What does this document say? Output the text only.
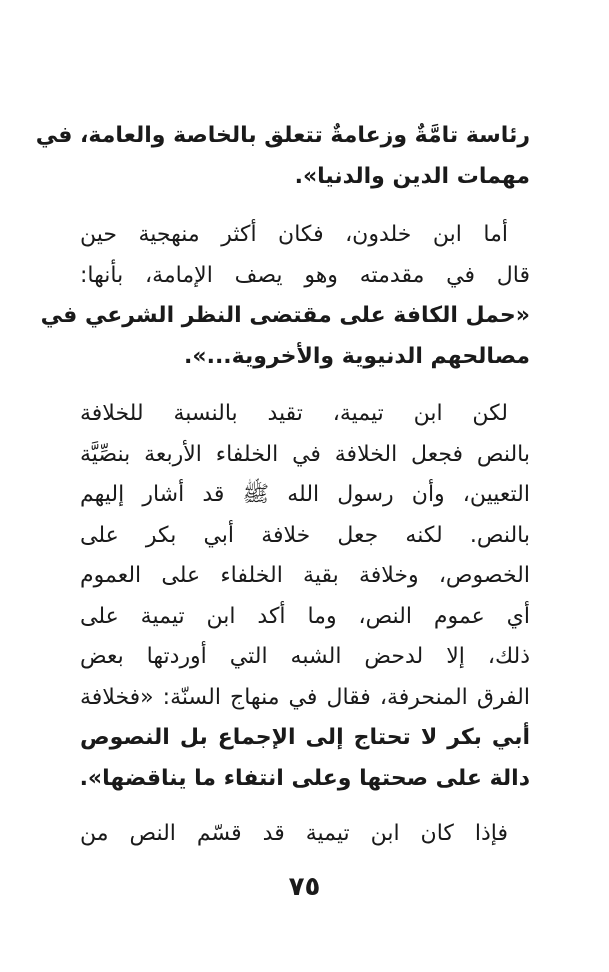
رئاسة تامَّةٌ وزعامةٌ تتعلق بالخاصة والعامة، في
مهمات الدين والدنيا».
أما ابن خلدون، فكان أكثر منهجية حين
قال في مقدمته وهو يصف الإمامة، بأنها:
«حمل الكافة على مقتضى النظر الشرعي في
مصالحهم الدنيوية والأخروية...».
لكن ابن تيمية، تقيد بالنسبة للخلافة
بالنص فجعل الخلافة في الخلفاء الأربعة بنصِّيَّة
التعيين، وأن رسول الله ﷺ قد أشار إليهم
بالنص. لكنه جعل خلافة أبي بكر على
الخصوص، وخلافة بقية الخلفاء على العموم
أي عموم النص، وما أكد ابن تيمية على
ذلك، إلا لدحض الشبه التي أوردتها بعض
الفرق المنحرفة، فقال في منهاج السنّة: «فخلافة
أبي بكر لا تحتاج إلى الإجماع بل النصوص
دالة على صحتها وعلى انتفاء ما يناقضها».
فإذا كان ابن تيمية قد قسّم النص من
٧٥
